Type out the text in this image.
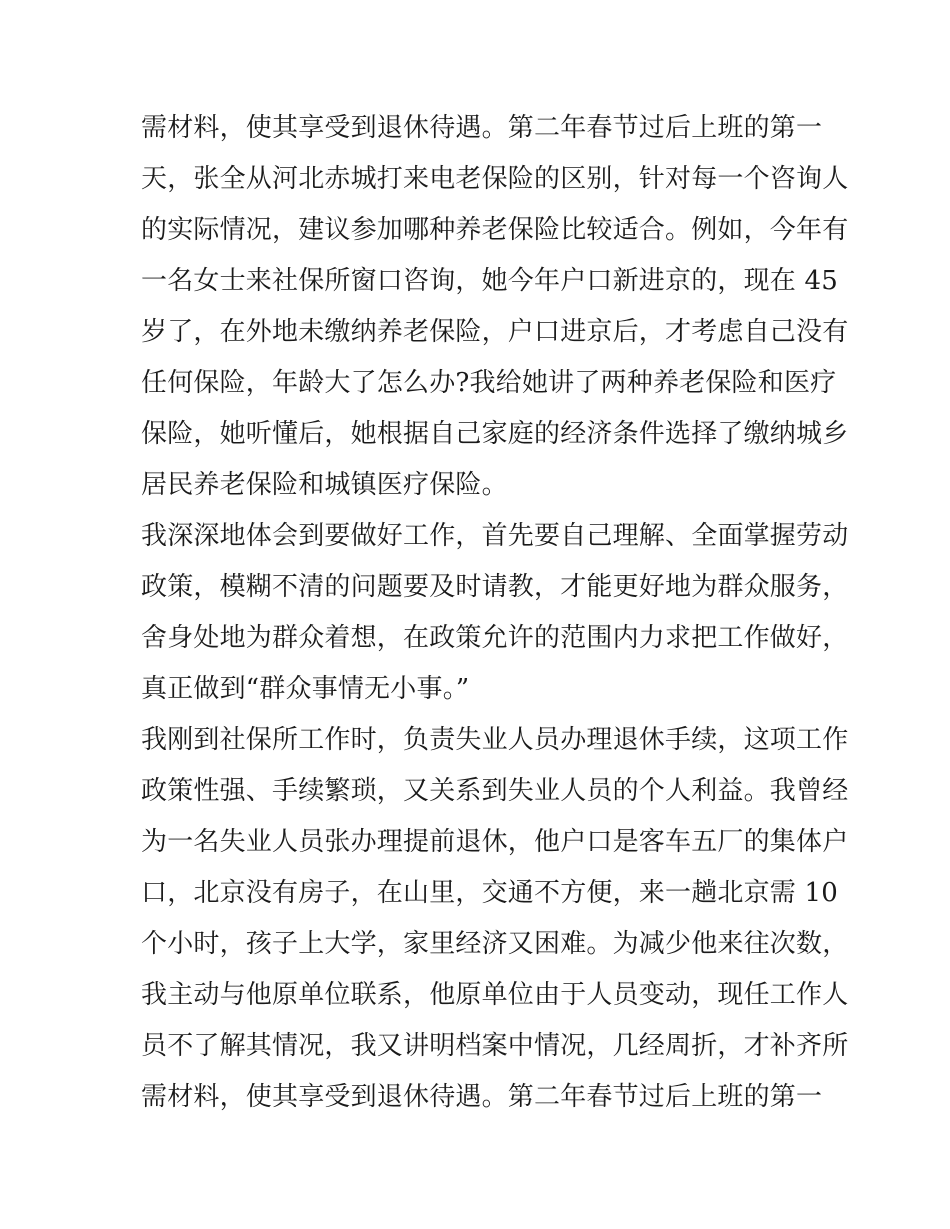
需材料，使其享受到退休待遇。第二年春节过后上班的第一
天，张全从河北赤城打来电老保险的区别，针对每一个咨询人
的实际情况，建议参加哪种养老保险比较适合。例如，今年有
一名女士来社保所窗口咨询，她今年户口新进京的，现在 45
岁了，在外地未缴纳养老保险，户口进京后，才考虑自己没有
任何保险，年龄大了怎么办?我给她讲了两种养老保险和医疗
保险，她听懂后，她根据自己家庭的经济条件选择了缴纳城乡
居民养老保险和城镇医疗保险。
我深深地体会到要做好工作，首先要自己理解、全面掌握劳动
政策，模糊不清的问题要及时请教，才能更好地为群众服务，
舍身处地为群众着想，在政策允许的范围内力求把工作做好，
真正做到“群众事情无小事。”
我刚到社保所工作时，负责失业人员办理退休手续，这项工作
政策性强、手续繁琐，又关系到失业人员的个人利益。我曾经
为一名失业人员张办理提前退休，他户口是客车五厂的集体户
口，北京没有房子，在山里，交通不方便，来一趟北京需 10
个小时，孩子上大学，家里经济又困难。为减少他来往次数，
我主动与他原单位联系，他原单位由于人员变动，现任工作人
员不了解其情况，我又讲明档案中情况，几经周折，才补齐所
需材料，使其享受到退休待遇。第二年春节过后上班的第一
